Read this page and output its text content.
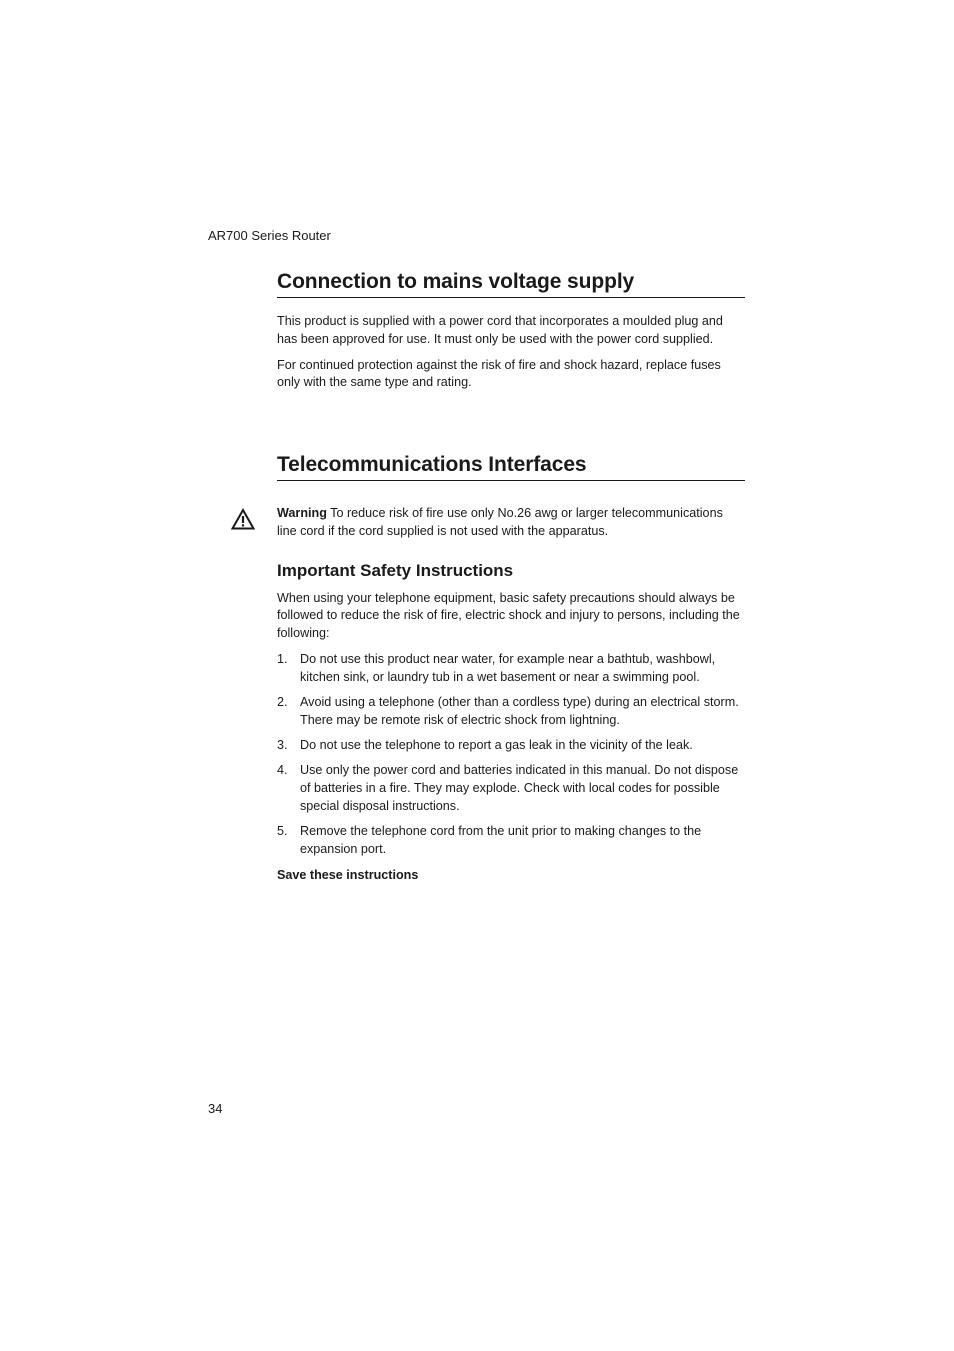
AR700 Series Router
Connection to mains voltage supply

This product is supplied with a power cord that incorporates a moulded plug and has been approved for use. It must only be used with the power cord supplied.

For continued protection against the risk of fire and shock hazard, replace fuses only with the same type and rating.

Telecommunications Interfaces

Warning To reduce risk of fire use only No.26 awg or larger telecommunications line cord if the cord supplied is not used with the apparatus.

Important Safety Instructions

When using your telephone equipment, basic safety precautions should always be followed to reduce the risk of fire, electric shock and injury to persons, including the following:

1. Do not use this product near water, for example near a bathtub, washbowl, kitchen sink, or laundry tub in a wet basement or near a swimming pool.
2. Avoid using a telephone (other than a cordless type) during an electrical storm. There may be remote risk of electric shock from lightning.
3. Do not use the telephone to report a gas leak in the vicinity of the leak.
4. Use only the power cord and batteries indicated in this manual. Do not dispose of batteries in a fire. They may explode. Check with local codes for possible special disposal instructions.
5. Remove the telephone cord from the unit prior to making changes to the expansion port.

Save these instructions

34
